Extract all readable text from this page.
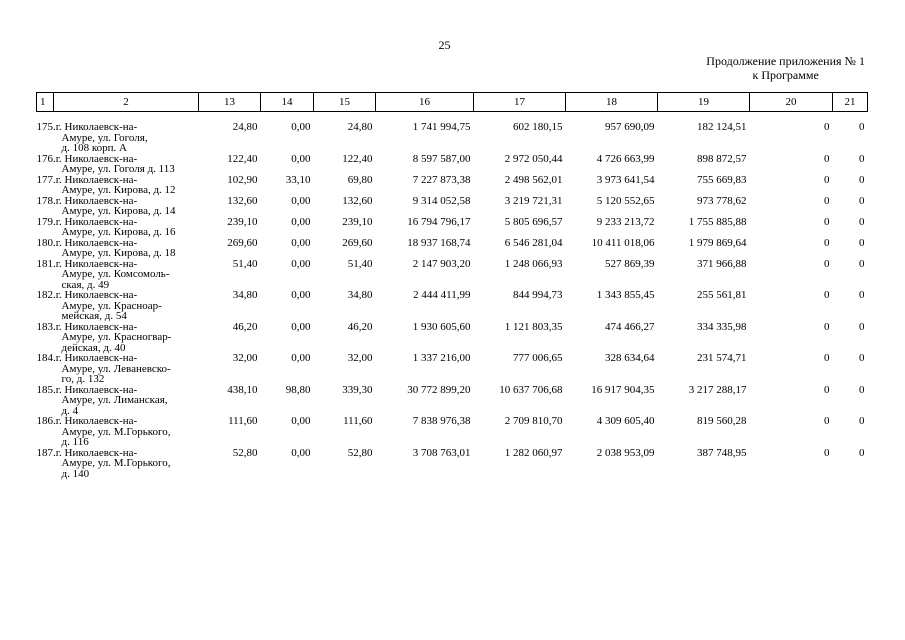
25
Продолжение приложения № 1
к Программе
1	2	13	14	15	16	17	18	19	20	21

175.г. Николаевск-на-
Амуре, ул. Гоголя,
д. 108 корп. А		24,80	0,00	24,80	1 741 994,75	602 180,15	957 690,09	182 124,51	0	0

176.г. Николаевск-на-
Амуре, ул. Гоголя д. 113		122,40	0,00	122,40	8 597 587,00	2 972 050,44	4 726 663,99	898 872,57	0	0

177.г. Николаевск-на-
Амуре, ул. Кирова, д. 12		102,90	33,10	69,80	7 227 873,38	2 498 562,01	3 973 641,54	755 669,83	0	0

178.г. Николаевск-на-
Амуре, ул. Кирова, д. 14		132,60	0,00	132,60	9 314 052,58	3 219 721,31	5 120 552,65	973 778,62	0	0

179.г. Николаевск-на-
Амуре, ул. Кирова, д. 16		239,10	0,00	239,10	16 794 796,17	5 805 696,57	9 233 213,72	1 755 885,88	0	0

180.г. Николаевск-на-
Амуре, ул. Кирова, д. 18		269,60	0,00	269,60	18 937 168,74	6 546 281,04	10 411 018,06	1 979 869,64	0	0

181.г. Николаевск-на-
Амуре, ул. Комсомоль-
ская, д. 49		51,40	0,00	51,40	2 147 903,20	1 248 066,93	527 869,39	371 966,88	0	0

182.г. Николаевск-на-
Амуре, ул. Красноар-
мейская, д. 54		34,80	0,00	34,80	2 444 411,99	844 994,73	1 343 855,45	255 561,81	0	0

183.г. Николаевск-на-
Амуре, ул. Красногвар-
дейская, д. 40		46,20	0,00	46,20	1 930 605,60	1 121 803,35	474 466,27	334 335,98	0	0

184.г. Николаевск-на-
Амуре, ул. Леваневско-
го, д. 132		32,00	0,00	32,00	1 337 216,00	777 006,65	328 634,64	231 574,71	0	0

185.г. Николаевск-на-
Амуре, ул. Лиманская,
д. 4		438,10	98,80	339,30	30 772 899,20	10 637 706,68	16 917 904,35	3 217 288,17	0	0

186.г. Николаевск-на-
Амуре, ул. М.Горького,
д. 116		111,60	0,00	111,60	7 838 976,38	2 709 810,70	4 309 605,40	819 560,28	0	0

187.г. Николаевск-на-
Амуре, ул. М.Горького,
д. 140		52,80	0,00	52,80	3 708 763,01	1 282 060,97	2 038 953,09	387 748,95	0	0
